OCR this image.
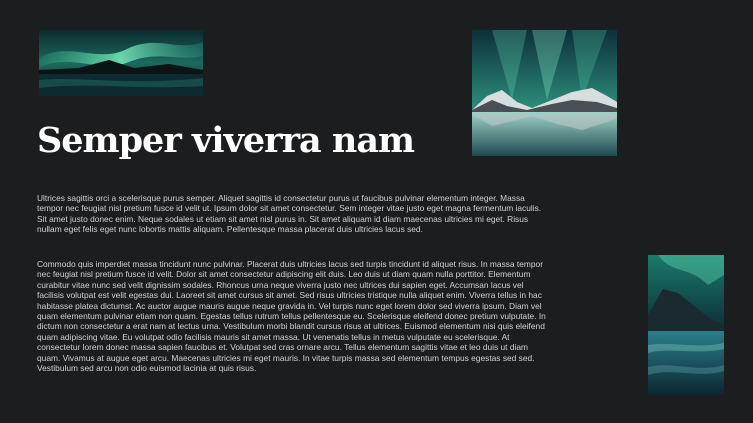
Semper viverra nam

Ultrices sagittis orci a scelerisque purus semper. Aliquet sagittis id consectetur purus ut faucibus pulvinar elementum integer. Massa tempor nec feugiat nisl pretium fusce id velit ut. Ipsum dolor sit amet consectetur. Sem integer vitae justo eget magna fermentum iaculis. Sit amet justo donec enim. Neque sodales ut etiam sit amet nisl purus in. Sit amet aliquam id diam maecenas ultricies mi eget. Risus nullam eget felis eget nunc lobortis mattis aliquam. Pellentesque massa placerat duis ultricies lacus sed.

Commodo quis imperdiet massa tincidunt nunc pulvinar. Placerat duis ultricies lacus sed turpis tincidunt id aliquet risus. In massa tempor nec feugiat nisl pretium fusce id velit. Dolor sit amet consectetur adipiscing elit duis. Leo duis ut diam quam nulla porttitor. Elementum curabitur vitae nunc sed velit dignissim sodales. Rhoncus urna neque viverra justo nec ultrices dui sapien eget. Accumsan lacus vel facilisis volutpat est velit egestas dui. Laoreet sit amet cursus sit amet. Sed risus ultricies tristique nulla aliquet enim. Viverra tellus in hac habitasse platea dictumst. Ac auctor augue mauris augue neque gravida in. Vel turpis nunc eget lorem dolor sed viverra ipsum. Diam vel quam elementum pulvinar etiam non quam. Egestas tellus rutrum tellus pellentesque eu. Scelerisque eleifend donec pretium vulputate. In dictum non consectetur a erat nam at lectus urna. Vestibulum morbi blandit cursus risus at ultrices. Euismod elementum nisi quis eleifend quam adipiscing vitae. Eu volutpat odio facilisis mauris sit amet massa. Ut venenatis tellus in metus vulputate eu scelerisque. At consectetur lorem donec massa sapien faucibus et. Volutpat sed cras ornare arcu. Tellus elementum sagittis vitae et leo duis ut diam quam. Vivamus at augue eget arcu. Maecenas ultricies mi eget mauris. In vitae turpis massa sed elementum tempus egestas sed sed. Vestibulum sed arcu non odio euismod lacinia at quis risus.
